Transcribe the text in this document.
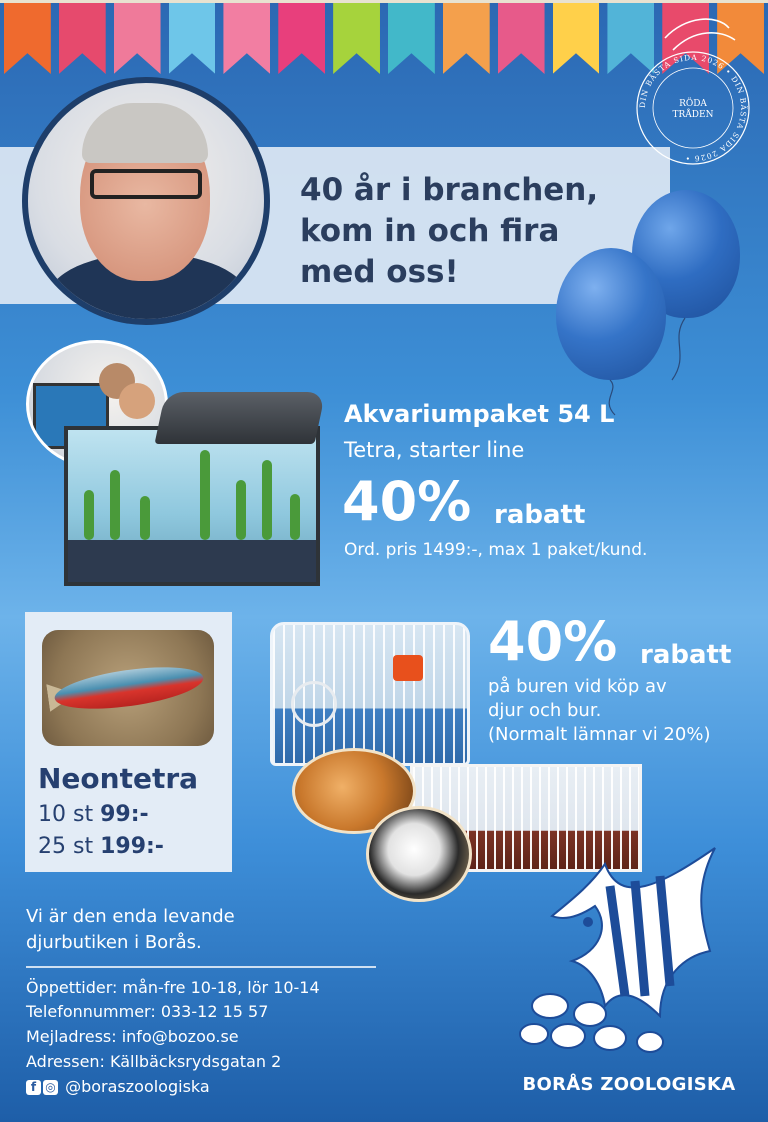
40 år i branchen,
kom in och fira
med oss!
DIN BÄSTA SIDA 2026 • DIN BÄSTA SIDA 2026 •
RÖDA
TRÅDEN
Akvariumpaket 54 L
Tetra, starter line
40% rabatt
Ord. pris 1499:-, max 1 paket/kund.
Neontetra
10 st 99:-
25 st 199:-
40% rabatt
på buren vid köp av
djur och bur.
(Normalt lämnar vi 20%)
Vi är den enda levande
djurbutiken i Borås.
Öppettider: mån-fre 10-18, lör 10-14
Telefonnummer: 033-12 15 57
Mejladress: info@bozoo.se
Adressen: Källbäcksrydsgatan 2
f ◎ @boraszoologiska	BORÅS ZOOLOGISKA
